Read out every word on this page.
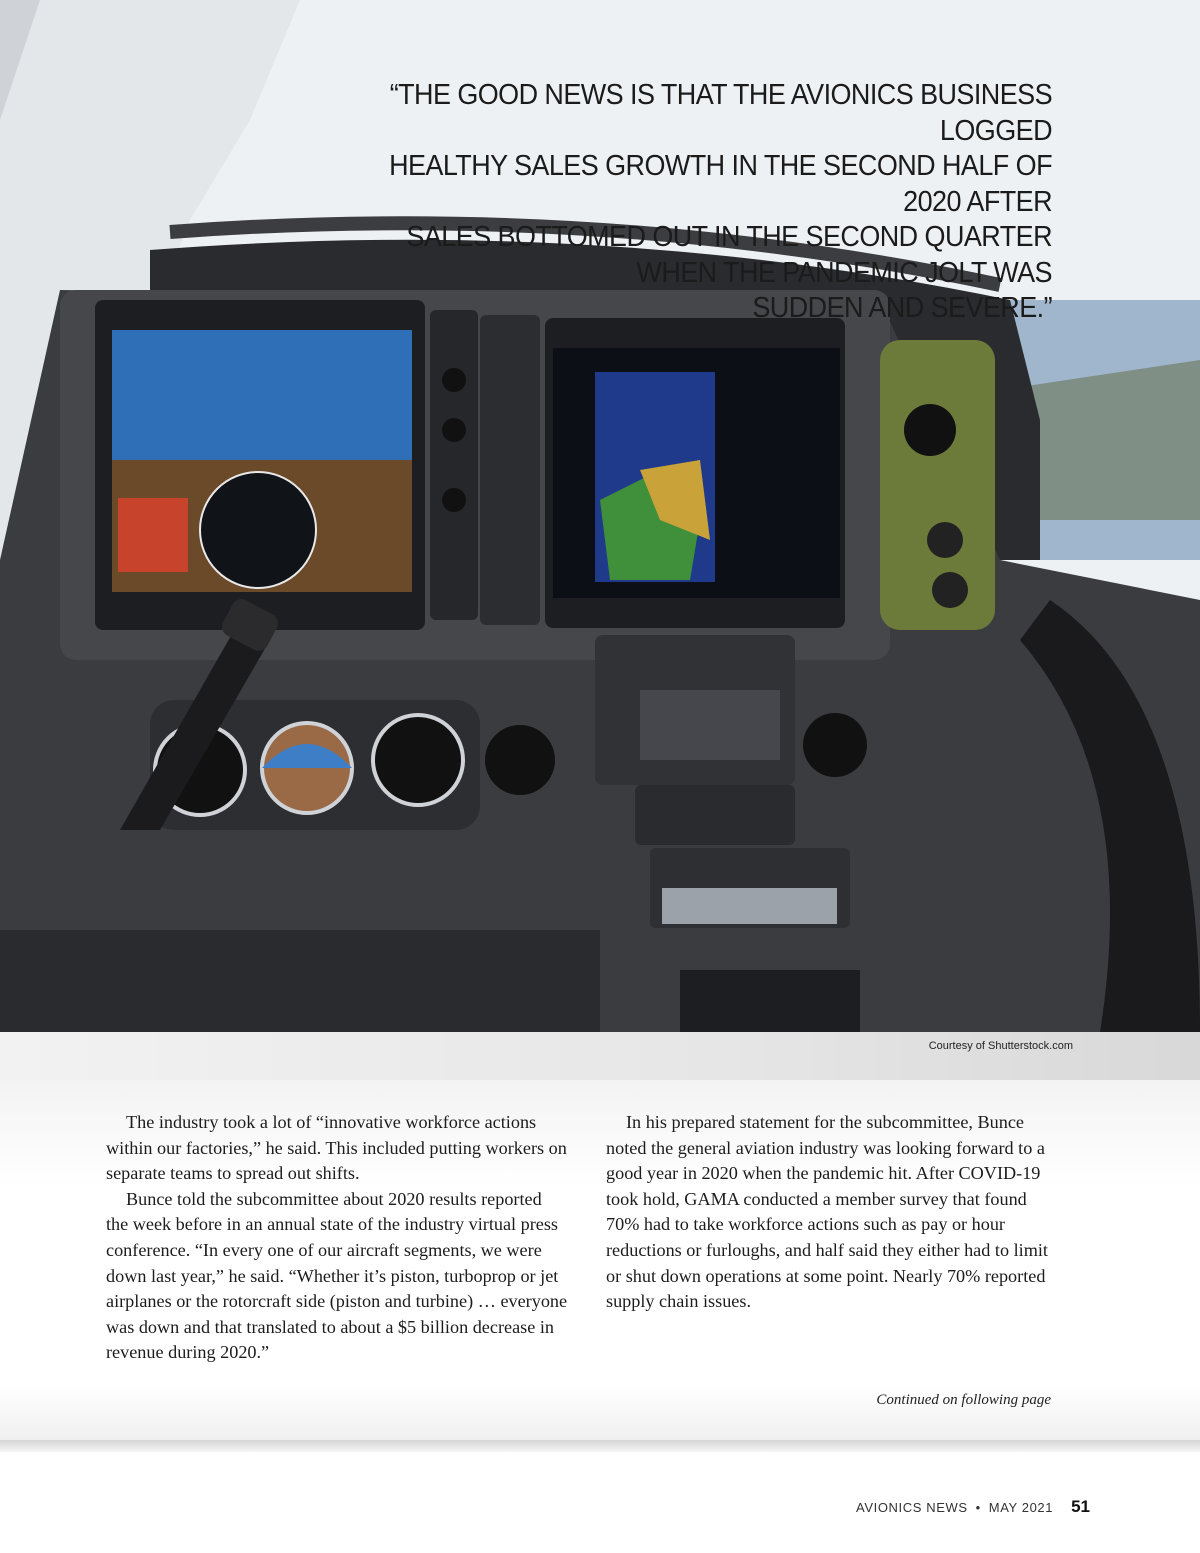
“THE GOOD NEWS IS THAT THE AVIONICS BUSINESS LOGGED
HEALTHY SALES GROWTH IN THE SECOND HALF OF 2020 AFTER
SALES BOTTOMED OUT IN THE SECOND QUARTER
WHEN THE PANDEMIC JOLT WAS
SUDDEN AND SEVERE.”
Courtesy of Shutterstock.com

The industry took a lot of “innovative workforce actions within our factories,” he said. This included putting workers on separate teams to spread out shifts.

Bunce told the subcommittee about 2020 results reported the week before in an annual state of the industry virtual press conference. “In every one of our aircraft segments, we were down last year,” he said. “Whether it’s piston, turboprop or jet airplanes or the rotorcraft side (piston and turbine) … everyone was down and that translated to about a $5 billion decrease in revenue during 2020.”

In his prepared statement for the subcommittee, Bunce noted the general aviation industry was looking forward to a good year in 2020 when the pandemic hit. After COVID-19 took hold, GAMA conducted a member survey that found 70% had to take workforce actions such as pay or hour reductions or furloughs, and half said they either had to limit or shut down operations at some point. Nearly 70% reported supply chain issues.

Continued on following page
AVIONICS NEWS • MAY 2021 51
